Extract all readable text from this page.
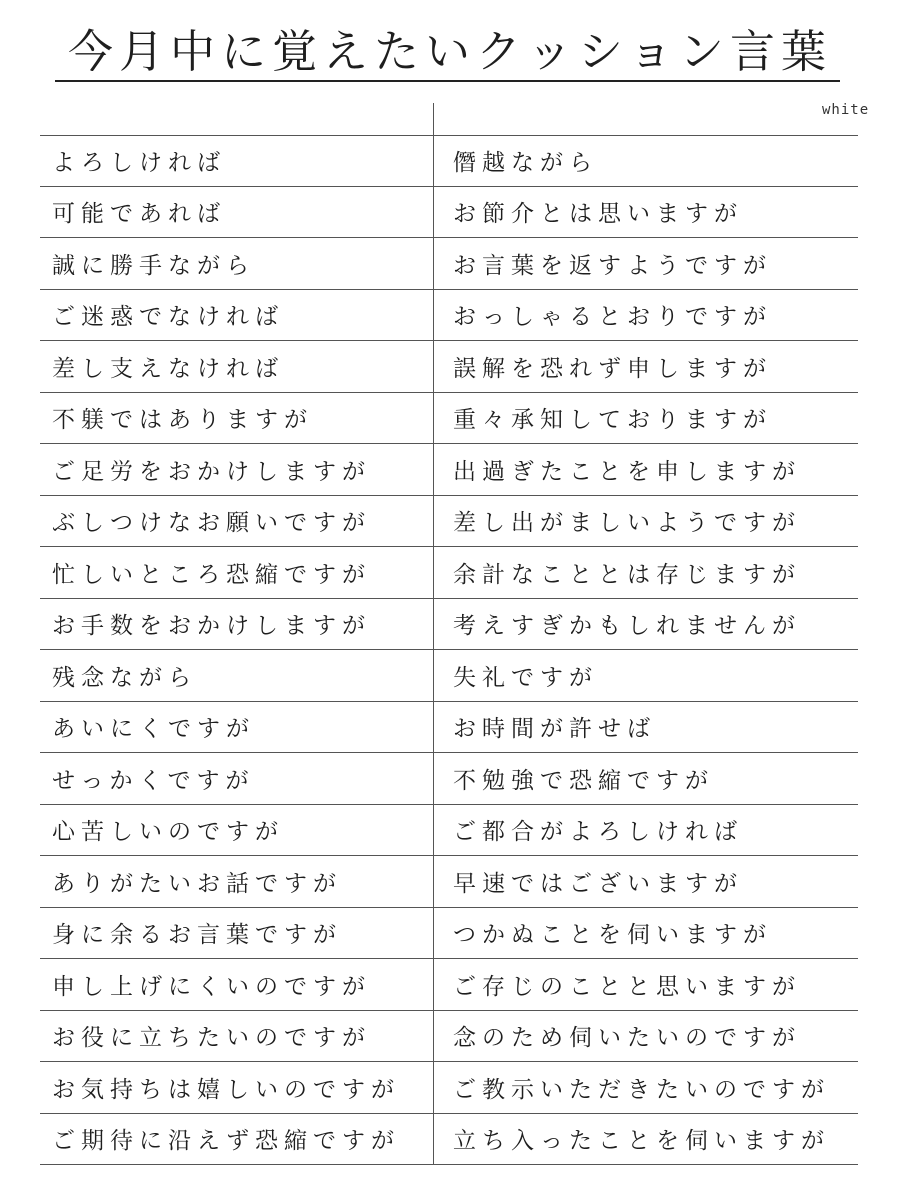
今月中に覚えたいクッション言葉
white
よろしければ	僭越ながら
可能であれば	お節介とは思いますが
誠に勝手ながら	お言葉を返すようですが
ご迷惑でなければ	おっしゃるとおりですが
差し支えなければ	誤解を恐れず申しますが
不躾ではありますが	重々承知しておりますが
ご足労をおかけしますが	出過ぎたことを申しますが
ぶしつけなお願いですが	差し出がましいようですが
忙しいところ恐縮ですが	余計なこととは存じますが
お手数をおかけしますが	考えすぎかもしれませんが
残念ながら	失礼ですが
あいにくですが	お時間が許せば
せっかくですが	不勉強で恐縮ですが
心苦しいのですが	ご都合がよろしければ
ありがたいお話ですが	早速ではございますが
身に余るお言葉ですが	つかぬことを伺いますが
申し上げにくいのですが	ご存じのことと思いますが
お役に立ちたいのですが	念のため伺いたいのですが
お気持ちは嬉しいのですが	ご教示いただきたいのですが
ご期待に沿えず恐縮ですが	立ち入ったことを伺いますが
